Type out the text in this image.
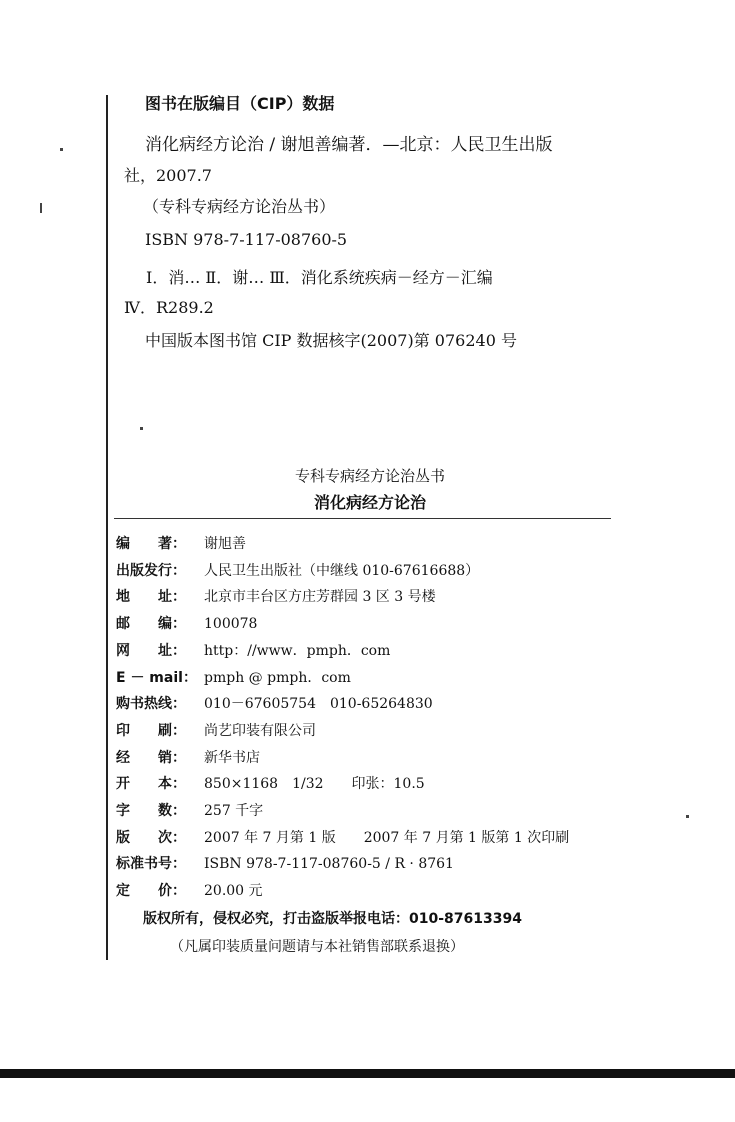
图书在版编目（CIP）数据
消化病经方论治 / 谢旭善编著．—北京：人民卫生出版
社，2007.7
（专科专病经方论治丛书）
ISBN 978-7-117-08760-5
Ⅰ．消… Ⅱ．谢… Ⅲ．消化系统疾病－经方－汇编
Ⅳ．R289.2
中国版本图书馆 CIP 数据核字(2007)第 076240 号
专科专病经方论治丛书
消化病经方论治
编　　著： 谢旭善
出版发行： 人民卫生出版社（中继线 010-67616688）
地　　址： 北京市丰台区方庄芳群园 3 区 3 号楼
邮　　编： 100078
网　　址： http：//www．pmph．com
E － mail： pmph @ pmph．com
购书热线： 010－67605754　010-65264830
印　　刷： 尚艺印装有限公司
经　　销： 新华书店
开　　本： 850×1168　1/32　　印张：10.5
字　　数： 257 千字
版　　次： 2007 年 7 月第 1 版　　2007 年 7 月第 1 版第 1 次印刷
标准书号： ISBN 978-7-117-08760-5 / R · 8761
定　　价： 20.00 元
版权所有，侵权必究，打击盗版举报电话：010-87613394
（凡属印装质量问题请与本社销售部联系退换）
